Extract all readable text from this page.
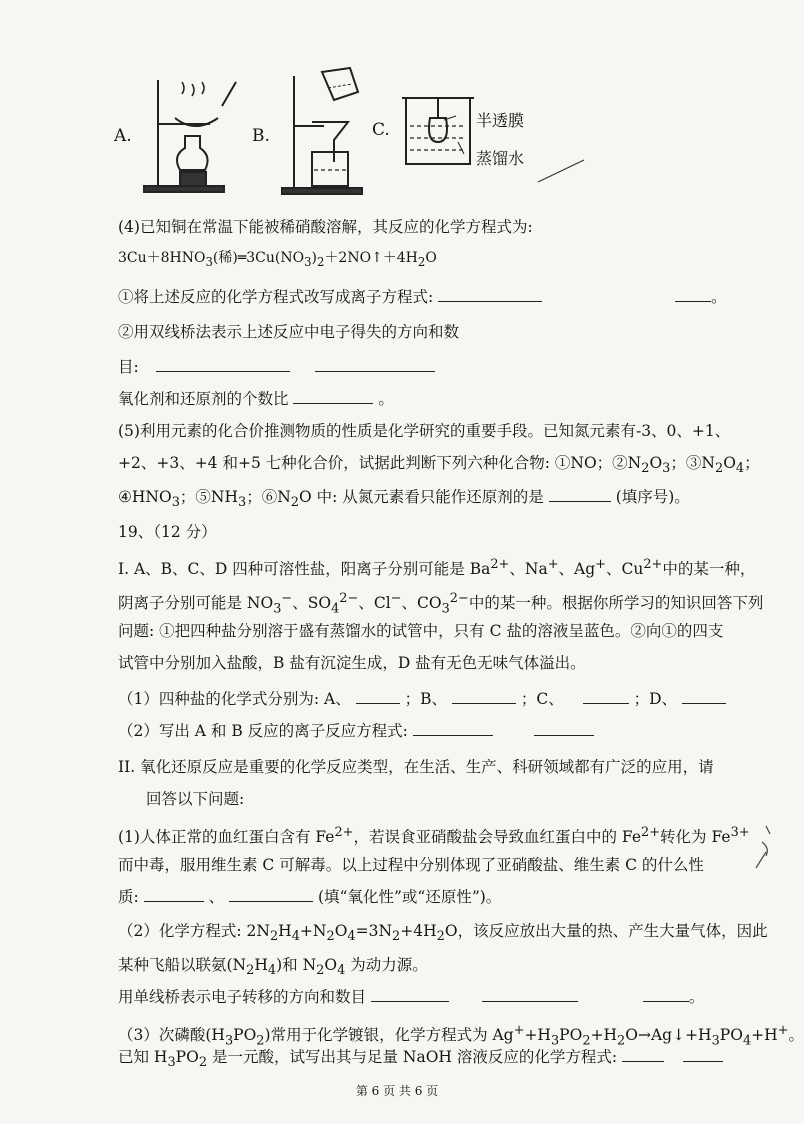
A.	B.	C.	半透膜
蒸馏水
(4)已知铜在常温下能被稀硝酸溶解，其反应的化学方程式为:
$3Cu+8HNO_3$(稀)$═3Cu(NO_3)_2+2NO↑+4H_2O$
①将上述反应的化学方程式改写成离子方程式:	。
②用双线桥法表示上述反应中电子得失的方向和数
目:
氧化剂和还原剂的个数比	。
(5)利用元素的化合价推测物质的性质是化学研究的重要手段。已知氮元素有-3、0、+1、
+2、+3、+4 和+5 七种化合价，试据此判断下列六种化合物: ①NO；$②N_2O_3$；$③N_2O_4$；
$④HNO_3$；$⑤NH_3$；$⑥N_2O$ 中: 从氮元素看只能作还原剂的是	(填序号)。
19、（12 分）
I. A、B、C、D 四种可溶性盐，阳离子分别可能是 $Ba^{2+}$、Na+、Ag+、$Cu^{2+}$中的某一种，
阴离子分别可能是 $NO_3^-$、$SO_4^{2-}$、Cl−、$CO_3^{2-}$中的某一种。根据你所学习的知识回答下列
问题: ①把四种盐分别溶于盛有蒸馏水的试管中，只有 C 盐的溶液呈蓝色。②向①的四支
试管中分别加入盐酸，B 盐有沉淀生成，D 盐有无色无味气体溢出。
（1）四种盐的化学式分别为: A、	；B、	；C、	；D、
（2）写出 A 和 B 反应的离子反应方程式:
II. 氧化还原反应是重要的化学反应类型，在生活、生产、科研领域都有广泛的应用，请
回答以下问题:
(1)人体正常的血红蛋白含有 $Fe^{2+}$，若误食亚硝酸盐会导致血红蛋白中的 $Fe^{2+}$转化为 $Fe^{3+}$
而中毒，服用维生素 C 可解毒。以上过程中分别体现了亚硝酸盐、维生素 C 的什么性
质:	、	(填“氧化性”或“还原性”)。
（2）化学方程式: $2N_2H_4+N_2O_4=3N_2+4H_2O$，该反应放出大量的热、产生大量气体，因此
某种飞船以联氨$(N_2H_4)$和 $N_2O_4$ 为动力源。
用单线桥表示电子转移的方向和数目	。
（3）次磷酸$(H_3PO_2)$常用于化学镀银，化学方程式为 $Ag^++H_3PO_2+H_2O\to Ag↓+H_3PO_4+H^+$。
已知 $H_3PO_2$ 是一元酸，试写出其与足量 NaOH 溶液反应的化学方程式:
第 6 页 共 6 页
